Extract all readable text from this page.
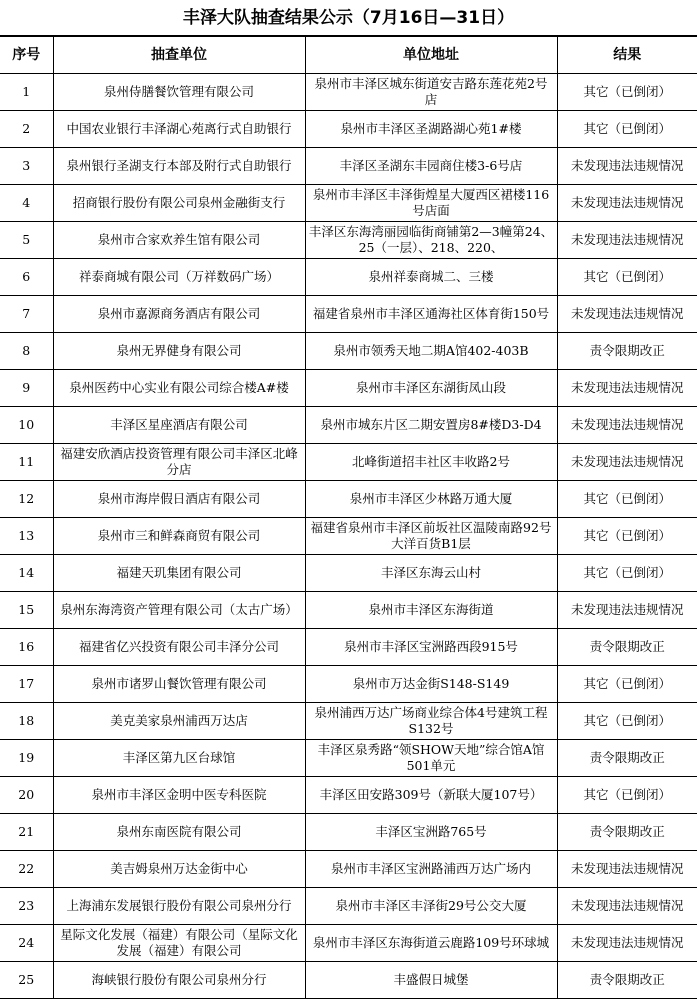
丰泽大队抽查结果公示（7月16日—31日）
序号	抽查单位	单位地址	结果
1	泉州侍膳餐饮管理有限公司	泉州市丰泽区城东街道安吉路东莲花苑2号店	其它（已倒闭）
2	中国农业银行丰泽湖心苑离行式自助银行	泉州市丰泽区圣湖路湖心苑1#楼	其它（已倒闭）
3	泉州银行圣湖支行本部及附行式自助银行	丰泽区圣湖东丰园商住楼3-6号店	未发现违法违规情况
4	招商银行股份有限公司泉州金融街支行	泉州市丰泽区丰泽街煌星大厦西区裙楼116号店面	未发现违法违规情况
5	泉州市合家欢养生馆有限公司	丰泽区东海湾丽园临街商铺第2—3幢第24、25（一层）、218、220、	未发现违法违规情况
6	祥泰商城有限公司（万祥数码广场）	泉州祥泰商城二、三楼	其它（已倒闭）
7	泉州市嘉源商务酒店有限公司	福建省泉州市丰泽区通海社区体育街150号	未发现违法违规情况
8	泉州无界健身有限公司	泉州市领秀天地二期A馆402-403B	责令限期改正
9	泉州医药中心实业有限公司综合楼A#楼	泉州市丰泽区东湖街凤山段	未发现违法违规情况
10	丰泽区星座酒店有限公司	泉州市城东片区二期安置房8#楼D3-D4	未发现违法违规情况
11	福建安欣酒店投资管理有限公司丰泽区北峰分店	北峰街道招丰社区丰收路2号	未发现违法违规情况
12	泉州市海岸假日酒店有限公司	泉州市丰泽区少林路万通大厦	其它（已倒闭）
13	泉州市三和鲜森商贸有限公司	福建省泉州市丰泽区前坂社区温陵南路92号大洋百货B1层	其它（已倒闭）
14	福建天玑集团有限公司	丰泽区东海云山村	其它（已倒闭）
15	泉州东海湾资产管理有限公司（太古广场）	泉州市丰泽区东海街道	未发现违法违规情况
16	福建省亿兴投资有限公司丰泽分公司	泉州市丰泽区宝洲路西段915号	责令限期改正
17	泉州市诸罗山餐饮管理有限公司	泉州市万达金街S148-S149	其它（已倒闭）
18	美克美家泉州浦西万达店	泉州浦西万达广场商业综合体4号建筑工程S132号	其它（已倒闭）
19	丰泽区第九区台球馆	丰泽区泉秀路“领SHOW天地”综合馆A馆501单元	责令限期改正
20	泉州市丰泽区金明中医专科医院	丰泽区田安路309号（新联大厦107号）	其它（已倒闭）
21	泉州东南医院有限公司	丰泽区宝洲路765号	责令限期改正
22	美吉姆泉州万达金街中心	泉州市丰泽区宝洲路浦西万达广场内	未发现违法违规情况
23	上海浦东发展银行股份有限公司泉州分行	泉州市丰泽区丰泽街29号公交大厦	未发现违法违规情况
24	星际文化发展（福建）有限公司（星际文化发展（福建）有限公司	泉州市丰泽区东海街道云鹿路109号环球城	未发现违法违规情况
25	海峡银行股份有限公司泉州分行	丰盛假日城堡	责令限期改正
